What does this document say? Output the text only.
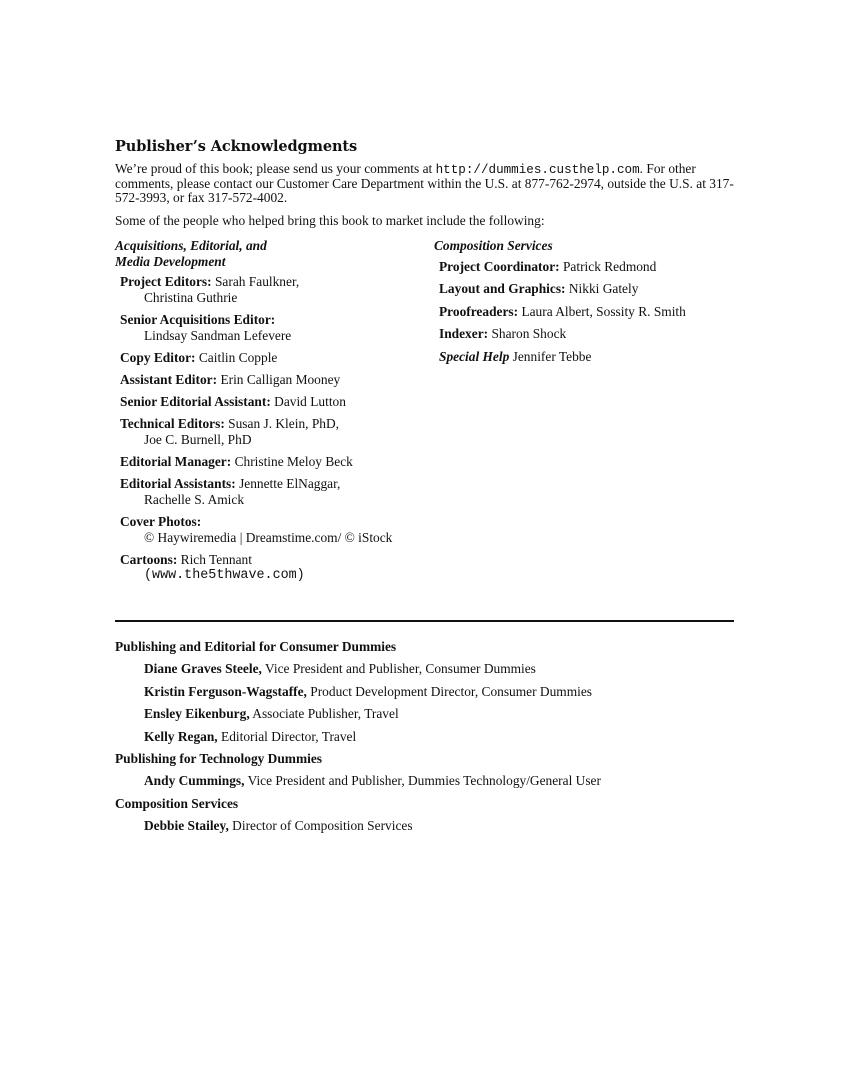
Publisher’s Acknowledgments

We’re proud of this book; please send us your comments at http://dummies.custhelp.com. For other comments, please contact our Customer Care Department within the U.S. at 877-762-2974, outside the U.S. at 317-572-3993, or fax 317-572-4002.

Some of the people who helped bring this book to market include the following:

Acquisitions, Editorial, and
Media Development
Project Editors: Sarah Faulkner,
Christina Guthrie
Senior Acquisitions Editor:
Lindsay Sandman Lefevere
Copy Editor: Caitlin Copple
Assistant Editor: Erin Calligan Mooney
Senior Editorial Assistant: David Lutton
Technical Editors: Susan J. Klein, PhD,
Joe C. Burnell, PhD
Editorial Manager: Christine Meloy Beck
Editorial Assistants: Jennette ElNaggar,
Rachelle S. Amick
Cover Photos:
© Haywiremedia | Dreamstime.com/ © iStock
Cartoons: Rich Tennant
(www.the5thwave.com)
Composition Services
Project Coordinator: Patrick Redmond
Layout and Graphics: Nikki Gately
Proofreaders: Laura Albert, Sossity R. Smith
Indexer: Sharon Shock
Special Help Jennifer Tebbe

Publishing and Editorial for Consumer Dummies

Diane Graves Steele, Vice President and Publisher, Consumer Dummies

Kristin Ferguson-Wagstaffe, Product Development Director, Consumer Dummies

Ensley Eikenburg, Associate Publisher, Travel

Kelly Regan, Editorial Director, Travel

Publishing for Technology Dummies

Andy Cummings, Vice President and Publisher, Dummies Technology/General User

Composition Services

Debbie Stailey, Director of Composition Services
